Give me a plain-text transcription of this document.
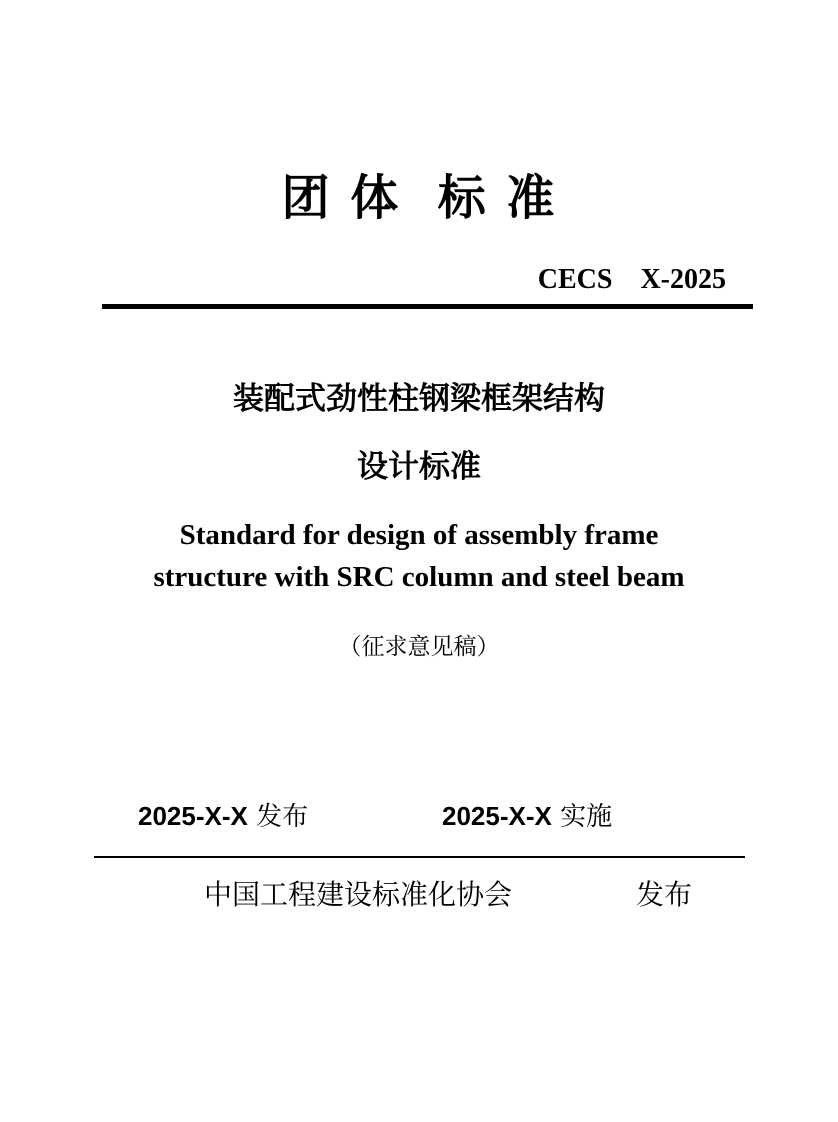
团 体  标 准
CECS    X-2025
装配式劲性柱钢梁框架结构
设计标准
Standard for design of assembly frame
structure with SRC column and steel beam
（征求意见稿）
2025-X-X 发布	2025-X-X 实施
中国工程建设标准化协会	发布
